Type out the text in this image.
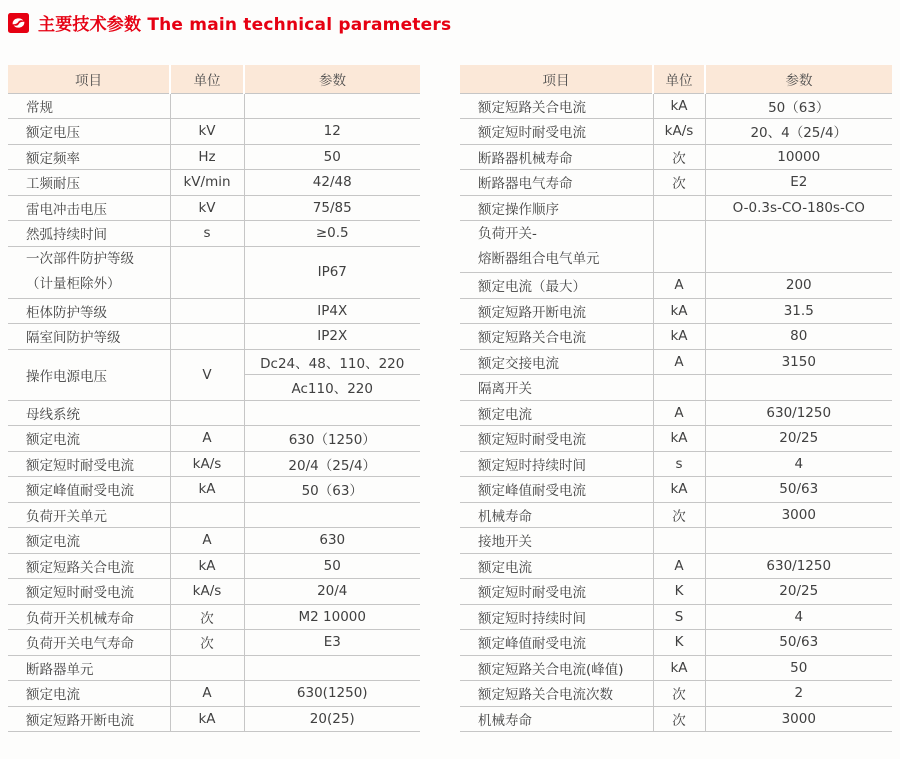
主要技术参数 The main technical parameters
项目	单位	参数
常规		
额定电压	kV	12
额定频率	Hz	50
工频耐压	kV/min	42/48
雷电冲击电压	kV	75/85
然弧持续时间	s	≥0.5

一次部件防护等级
（计量柜除外）		IP67
柜体防护等级		IP4X
隔室间防护等级		IP2X
操作电源电压	V	Dc24、48、110、220
		Ac110、220
母线系统		
额定电流	A	630（1250）
额定短时耐受电流	kA/s	20/4（25/4）
额定峰值耐受电流	kA	50（63）
负荷开关单元		
额定电流	A	630
额定短路关合电流	kA	50
额定短时耐受电流	kA/s	20/4
负荷开关机械寿命	次	M2 10000
负荷开关电气寿命	次	E3
断路器单元		
额定电流	A	630(1250)
额定短路开断电流	kA	20(25)
项目	单位	参数
额定短路关合电流	kA	50（63）
额定短时耐受电流	kA/s	20、4（25/4）
断路器机械寿命	次	10000
断路器电气寿命	次	E2
额定操作顺序		O-0.3s-CO-180s-CO

负荷开关-
熔断器组合电气单元		

额定电流（最大）	A	200
额定短路开断电流	kA	31.5
额定短路关合电流	kA	80
额定交接电流	A	3150
隔离开关		
额定电流	A	630/1250
额定短时耐受电流	kA	20/25
额定短时持续时间	s	4
额定峰值耐受电流	kA	50/63
机械寿命	次	3000
接地开关		
额定电流	A	630/1250
额定短时耐受电流	K	20/25
额定短时持续时间	S	4
额定峰值耐受电流	K	50/63
额定短路关合电流(峰值)	kA	50
额定短路关合电流次数	次	2
机械寿命	次	3000
